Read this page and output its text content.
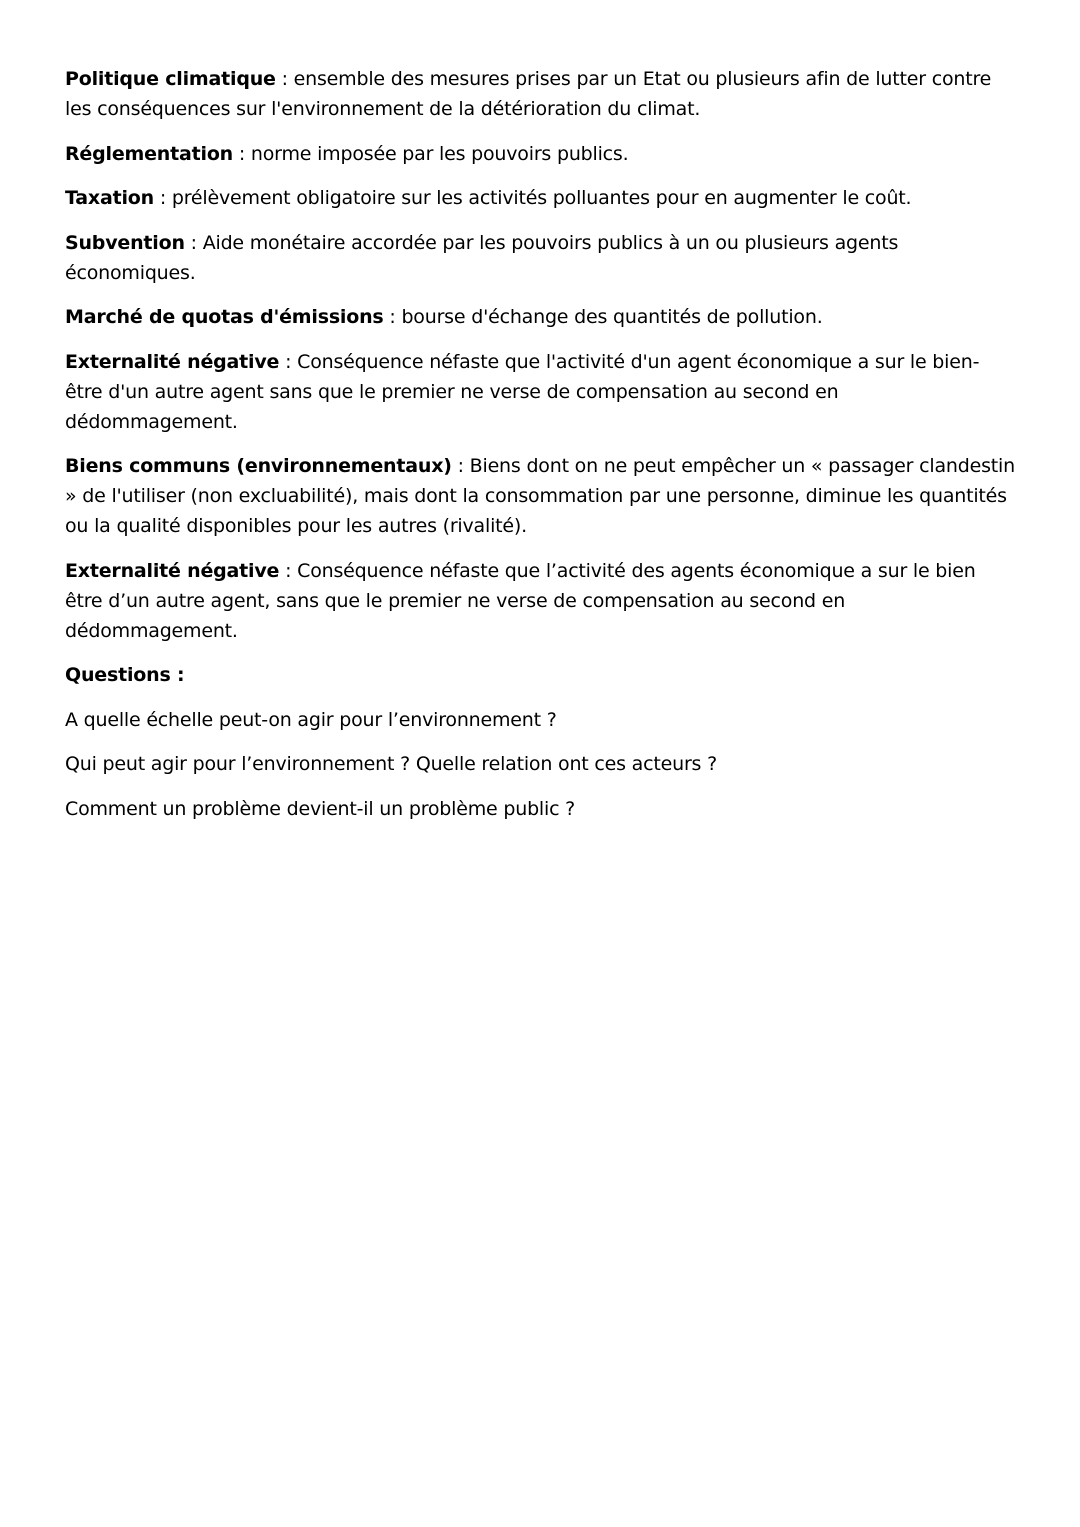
Politique climatique : ensemble des mesures prises par un Etat ou plusieurs afin de lutter contre les conséquences sur l'environnement de la détérioration du climat.

Réglementation : norme imposée par les pouvoirs publics.

Taxation : prélèvement obligatoire sur les activités polluantes pour en augmenter le coût.

Subvention : Aide monétaire accordée par les pouvoirs publics à un ou plusieurs agents économiques.

Marché de quotas d'émissions : bourse d'échange des quantités de pollution.

Externalité négative : Conséquence néfaste que l'activité d'un agent économique a sur le bien-être d'un autre agent sans que le premier ne verse de compensation au second en dédommagement.

Biens communs (environnementaux) : Biens dont on ne peut empêcher un « passager clandestin » de l'utiliser (non excluabilité), mais dont la consommation par une personne, diminue les quantités ou la qualité disponibles pour les autres (rivalité).

Externalité négative : Conséquence néfaste que l’activité des agents économique a sur le bien être d’un autre agent, sans que le premier ne verse de compensation au second en dédommagement.

Questions :

A quelle échelle peut-on agir pour l’environnement ?

Qui peut agir pour l’environnement ? Quelle relation ont ces acteurs ?

Comment un problème devient-il un problème public ?
